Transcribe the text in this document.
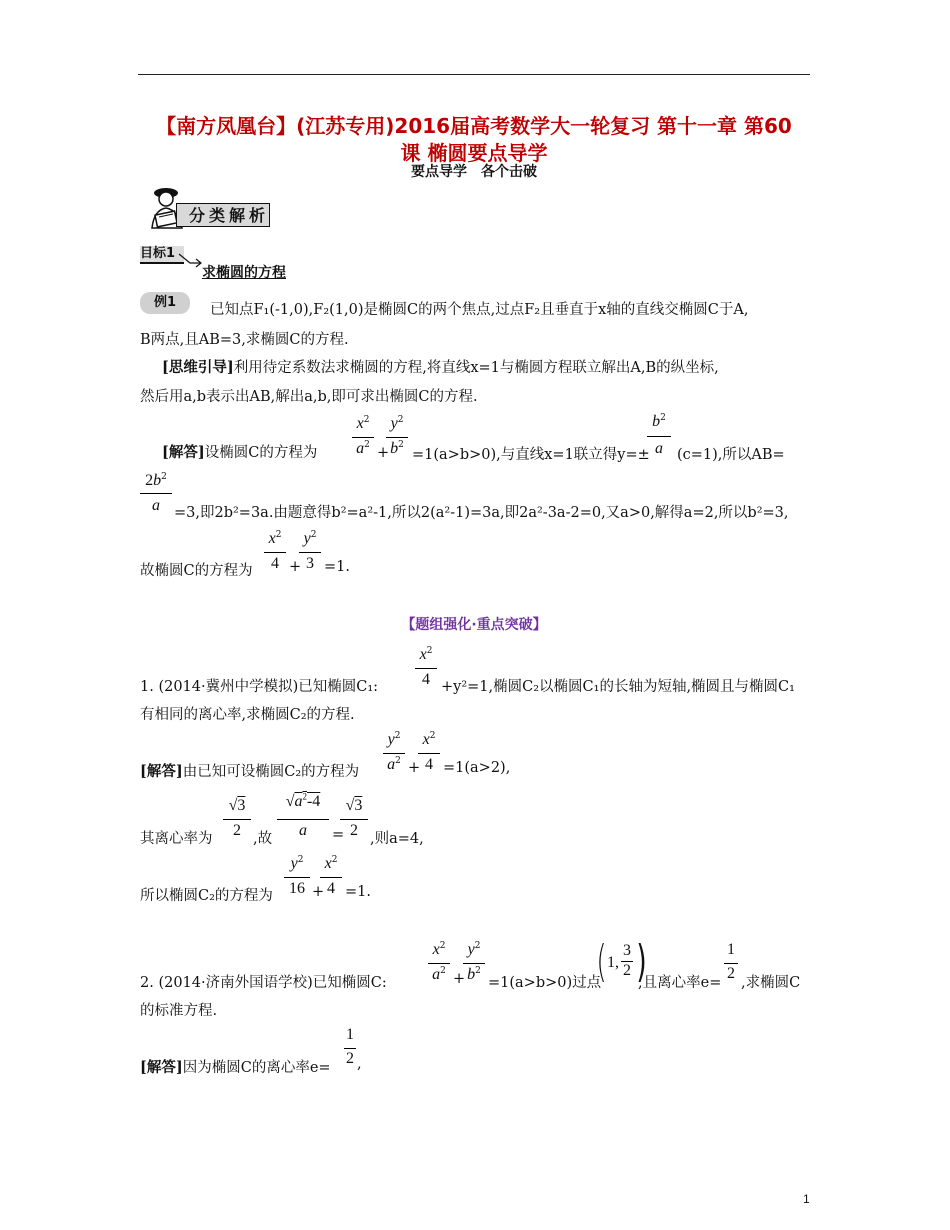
【南方凤凰台】(江苏专用)2016届高考数学大一轮复习 第十一章 第60
课 椭圆要点导学
要点导学　各个击破
分类解析
目标1
求椭圆的方程
例1	已知点F₁(-1,0),F₂(1,0)是椭圆C的两个焦点,过点F₂且垂直于x轴的直线交椭圆C于A,
B两点,且AB=3,求椭圆C的方程.
[思维引导]利用待定系数法求椭圆的方程,将直线x=1与椭圆方程联立解出A,B的纵坐标,
然后用a,b表示出AB,解出a,b,即可求出椭圆C的方程.
[解答]设椭圆C的方程为
$x^2$
$a^2$ +
$y^2$
$b^2$
=1(a>b>0),与直线x=1联立得y=±
$b^2$
a (c=1),所以AB=
$2b^2$
a =3,即2b²=3a.由题意得b²=a²-1,所以2(a²-1)=3a,即2a²-3a-2=0,又a>0,解得a=2,所以b²=3,
故椭圆C的方程为
$x^2$
4 +
$y^2$
3 =1.
【题组强化·重点突破】
1. (2014·冀州中学模拟)已知椭圆C₁:
$x^2$
4 +y²=1,椭圆C₂以椭圆C₁的长轴为短轴,椭圆且与椭圆C₁
有相同的离心率,求椭圆C₂的方程.
[解答]由已知可设椭圆C₂的方程为
$y^2$
$a^2$ +
$x^2$
4 =1(a>2),
其离心率为
√3
2 ,故
$√a^2-4$
a	=
√3
2 ,则a=4,
所以椭圆C₂的方程为
$y^2$
16 +
$x^2$
4 =1.
2. (2014·济南外国语学校)已知椭圆C:
$x^2$
$a^2$ +
$y^2$
$b^2$
=1(a>b>0)过点
( 1,
3
2 )
,且离心率e=
1
2
,求椭圆C
的标准方程.
[解答]因为椭圆C的离心率e=
1
2 ,
1
